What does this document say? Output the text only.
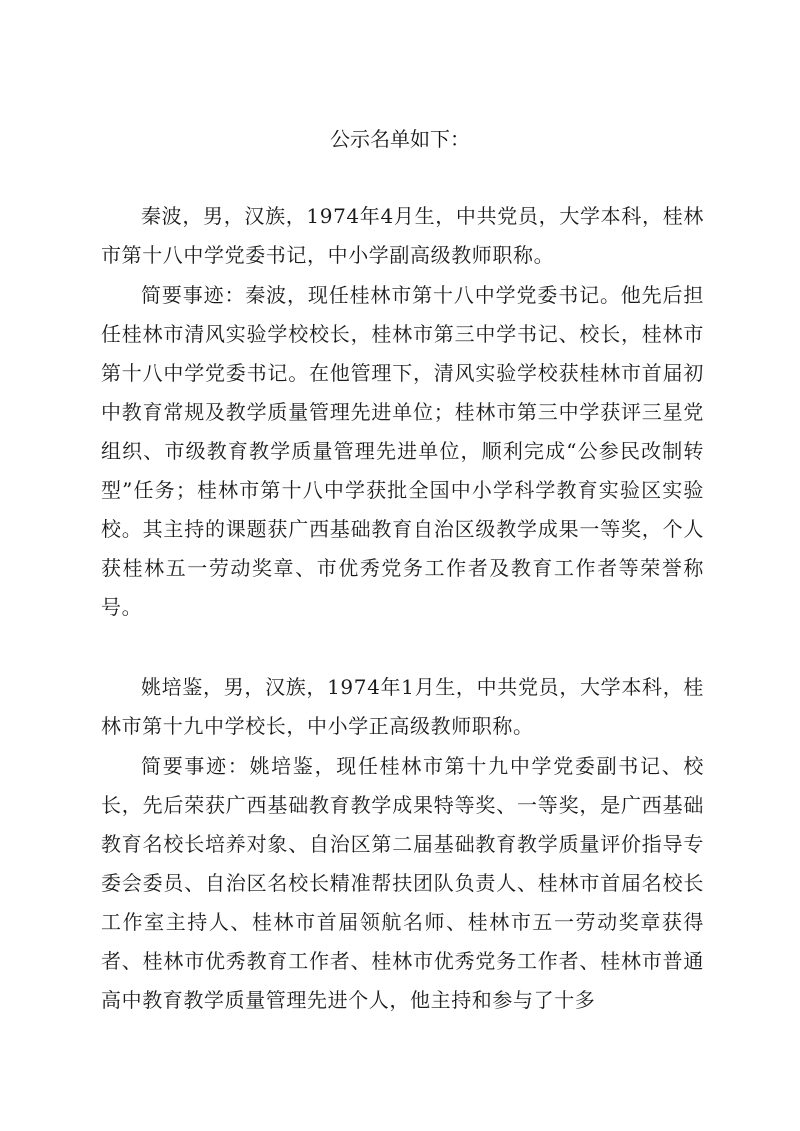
公示名单如下：

秦波，男，汉族，1974年4月生，中共党员，大学本科，桂林市第十八中学党委书记，中小学副高级教师职称。

简要事迹：秦波，现任桂林市第十八中学党委书记。他先后担任桂林市清风实验学校校长，桂林市第三中学书记、校长，桂林市第十八中学党委书记。在他管理下，清风实验学校获桂林市首届初中教育常规及教学质量管理先进单位；桂林市第三中学获评三星党组织、市级教育教学质量管理先进单位，顺利完成“公参民改制转型”任务；桂林市第十八中学获批全国中小学科学教育实验区实验校。其主持的课题获广西基础教育自治区级教学成果一等奖，个人获桂林五一劳动奖章、市优秀党务工作者及教育工作者等荣誉称号。

姚培鉴，男，汉族，1974年1月生，中共党员，大学本科，桂林市第十九中学校长，中小学正高级教师职称。

简要事迹：姚培鉴，现任桂林市第十九中学党委副书记、校长，先后荣获广西基础教育教学成果特等奖、一等奖，是广西基础教育名校长培养对象、自治区第二届基础教育教学质量评价指导专委会委员、自治区名校长精准帮扶团队负责人、桂林市首届名校长工作室主持人、桂林市首届领航名师、桂林市五一劳动奖章获得者、桂林市优秀教育工作者、桂林市优秀党务工作者、桂林市普通高中教育教学质量管理先进个人，他主持和参与了十多
